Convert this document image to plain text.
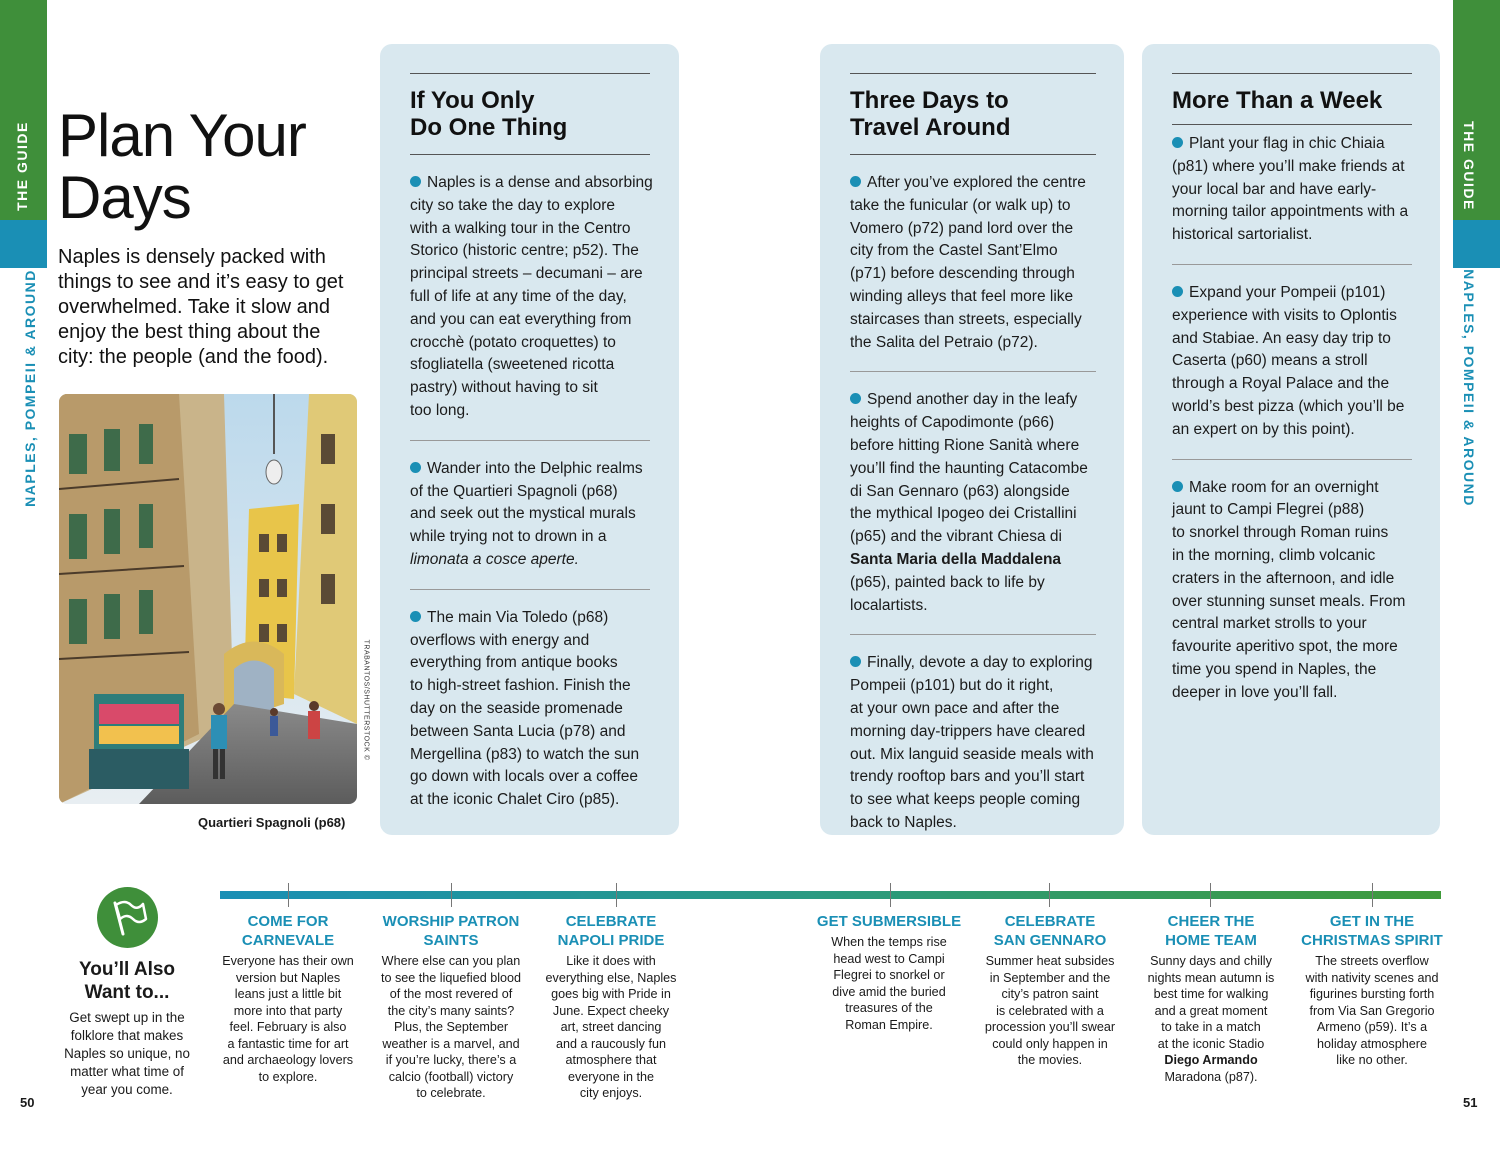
THE GUIDE
NAPLES, POMPEII & AROUND
THE GUIDE
NAPLES, POMPEII & AROUND
50	51
Plan Your
Days

Naples is densely packed with
things to see and it’s easy to get
overwhelmed. Take it slow and
enjoy the best thing about the
city: the people (and the food).

TRABANTOS/SHUTTERSTOCK ©
Quartieri Spagnoli (p68)
If You Only
Do One Thing
Naples is a dense and absorbing
city so take the day to explore
with a walking tour in the Centro
Storico (historic centre; p52). The
principal streets – decumani – are
full of life at any time of the day,
and you can eat everything from
crocchè (potato croquettes) to
sfogliatella (sweetened ricotta
pastry) without having to sit
too long.
Wander into the Delphic realms
of the Quartieri Spagnoli (p68)
and seek out the mystical murals
while trying not to drown in a
limonata a cosce aperte.
The main Via Toledo (p68)
overflows with energy and
everything from antique books
to high-street fashion. Finish the
day on the seaside promenade
between Santa Lucia (p78) and
Mergellina (p83) to watch the sun
go down with locals over a coffee
at the iconic Chalet Ciro (p85).
Three Days to
Travel Around
After you’ve explored the centre
take the funicular (or walk up) to
Vomero (p72) pand lord over the
city from the Castel Sant’Elmo
(p71) before descending through
winding alleys that feel more like
staircases than streets, especially
the Salita del Petraio (p72).
Spend another day in the leafy
heights of Capodimonte (p66)
before hitting Rione Sanità where
you’ll find the haunting Catacombe
di San Gennaro (p63) alongside
the mythical Ipogeo dei Cristallini
(p65) and the vibrant Chiesa di
Santa Maria della Maddalena
(p65), painted back to life by
localartists.
Finally, devote a day to exploring
Pompeii (p101) but do it right,
at your own pace and after the
morning day-trippers have cleared
out. Mix languid seaside meals with
trendy rooftop bars and you’ll start
to see what keeps people coming
back to Naples.
More Than a Week
Plant your flag in chic Chiaia
(p81) where you’ll make friends at
your local bar and have early-
morning tailor appointments with a
historical sartorialist.
Expand your Pompeii (p101)
experience with visits to Oplontis
and Stabiae. An easy day trip to
Caserta (p60) means a stroll
through a Royal Palace and the
world’s best pizza (which you’ll be
an expert on by this point).
Make room for an overnight
jaunt to Campi Flegrei (p88)
to snorkel through Roman ruins
in the morning, climb volcanic
craters in the afternoon, and idle
over stunning sunset meals. From
central market strolls to your
favourite aperitivo spot, the more
time you spend in Naples, the
deeper in love you’ll fall.
You’ll Also
Want to...
Get swept up in the
folklore that makes
Naples so unique, no
matter what time of
year you come.
COME FOR
CARNEVALE
Everyone has their own
version but Naples
leans just a little bit
more into that party
feel. February is also
a fantastic time for art
and archaeology lovers
to explore.
WORSHIP PATRON
SAINTS
Where else can you plan
to see the liquefied blood
of the most revered of
the city’s many saints?
Plus, the September
weather is a marvel, and
if you’re lucky, there’s a
calcio (football) victory
to celebrate.
CELEBRATE
NAPOLI PRIDE
Like it does with
everything else, Naples
goes big with Pride in
June. Expect cheeky
art, street dancing
and a raucously fun
atmosphere that
everyone in the
city enjoys.
GET SUBMERSIBLE
When the temps rise
head west to Campi
Flegrei to snorkel or
dive amid the buried
treasures of the
Roman Empire.
CELEBRATE
SAN GENNARO
Summer heat subsides
in September and the
city’s patron saint
is celebrated with a
procession you’ll swear
could only happen in
the movies.
CHEER THE
HOME TEAM
Sunny days and chilly
nights mean autumn is
best time for walking
and a great moment
to take in a match
at the iconic Stadio
Diego Armando
Maradona (p87).
GET IN THE
CHRISTMAS SPIRIT
The streets overflow
with nativity scenes and
figurines bursting forth
from Via San Gregorio
Armeno (p59). It’s a
holiday atmosphere
like no other.
